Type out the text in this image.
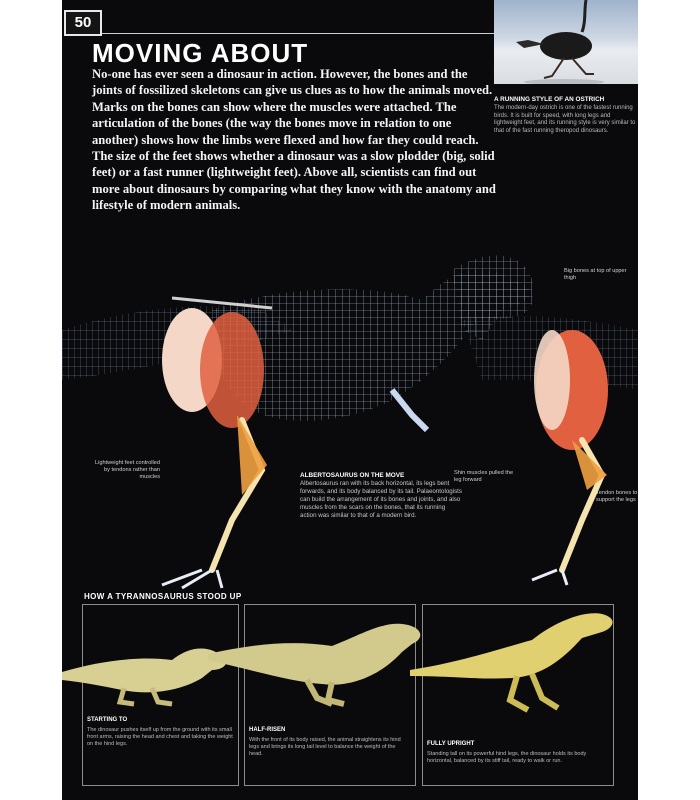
50
MOVING ABOUT

No-one has ever seen a dinosaur in action. However, the bones and the joints of fossilized skeletons can give us clues as to how the animals moved. Marks on the bones can show where the muscles were attached. The articulation of the bones (the way the bones move in relation to one another) shows how the limbs were flexed and how far they could reach. The size of the feet shows whether a dinosaur was a slow plodder (big, solid feet) or a fast runner (lightweight feet). Above all, scientists can find out more about dinosaurs by comparing what they know with the anatomy and lifestyle of modern animals.

A RUNNING STYLE OF AN OSTRICH
The modern-day ostrich is one of the fastest running birds. It is built for speed, with long legs and lightweight feet, and its running style is very similar to that of the fast running theropod dinosaurs.
Big bones at top of upper thigh
Lightweight feet controlled by tendons rather than muscles
Shin muscles pulled the leg forward
Tendon bones to support the legs
ALBERTOSAURUS ON THE MOVE
Albertosaurus ran with its back horizontal, its legs bent forwards, and its body balanced by its tail. Palaeontologists can build the arrangement of its bones and joints, and also muscles from the scars on the bones, that its running action was similar to that of a modern bird.
HOW A TYRANNOSAURUS STOOD UP
STARTING TO
The dinosaur pushes itself up from the ground with its small front arms, raising the head and chest and taking the weight on the hind legs.
HALF-RISEN
With the front of its body raised, the animal straightens its hind legs and brings its long tail level to balance the weight of the head.
FULLY UPRIGHT
Standing tall on its powerful hind legs, the dinosaur holds its body horizontal, balanced by its stiff tail, ready to walk or run.
